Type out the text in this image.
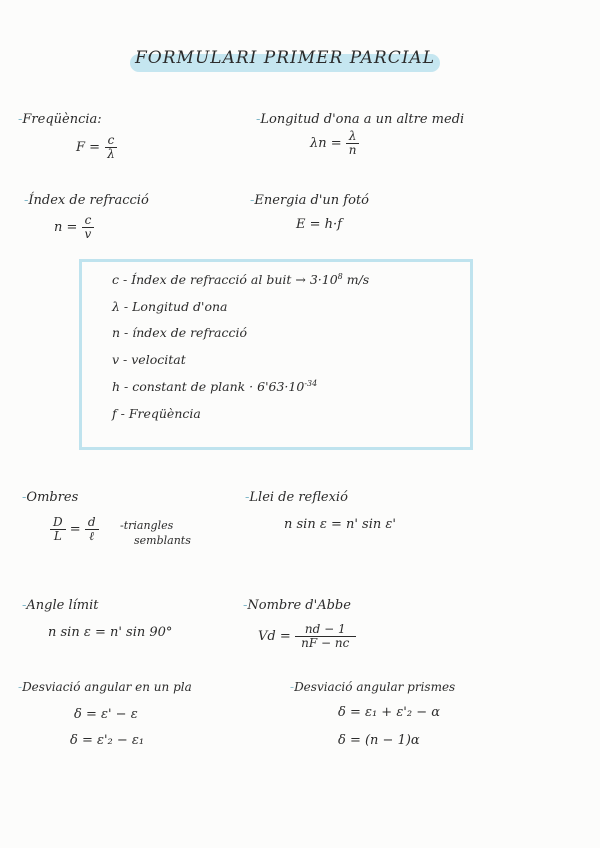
FORMULARI PRIMER PARCIAL
-Freqüència:
$F = \frac{c}{\lambda}$
-Longitud d'ona a un altre medi
$\lambda n = \frac{\lambda}{n}$
-Índex de refracció
$n = \frac{c}{v}$
-Energia d'un fotó
E = h·f
c - Índex de refracció al buit → $3\cdot 10^8$ m/s
λ - Longitud d'ona
n - índex de refracció
v - velocitat
h - constant de plank · $6'63\cdot 10^{-34}$
f - Freqüència
-Ombres
$\frac{D}{L} = \frac{d}{\text{ℓ}}$ -triangles
semblants
-Llei de reflexió
n sin ε = n' sin ε'
-Angle límit
n sin ε = n' sin 90°
-Nombre d'Abbe
$Vd = \frac{nd - 1}{nF - nc}$
-Desviació angular en un pla
δ = ε' − ε
δ = ε'₂ − ε₁
-Desviació angular prismes
δ = ε₁ + ε'₂ − α
δ = (n − 1)α
